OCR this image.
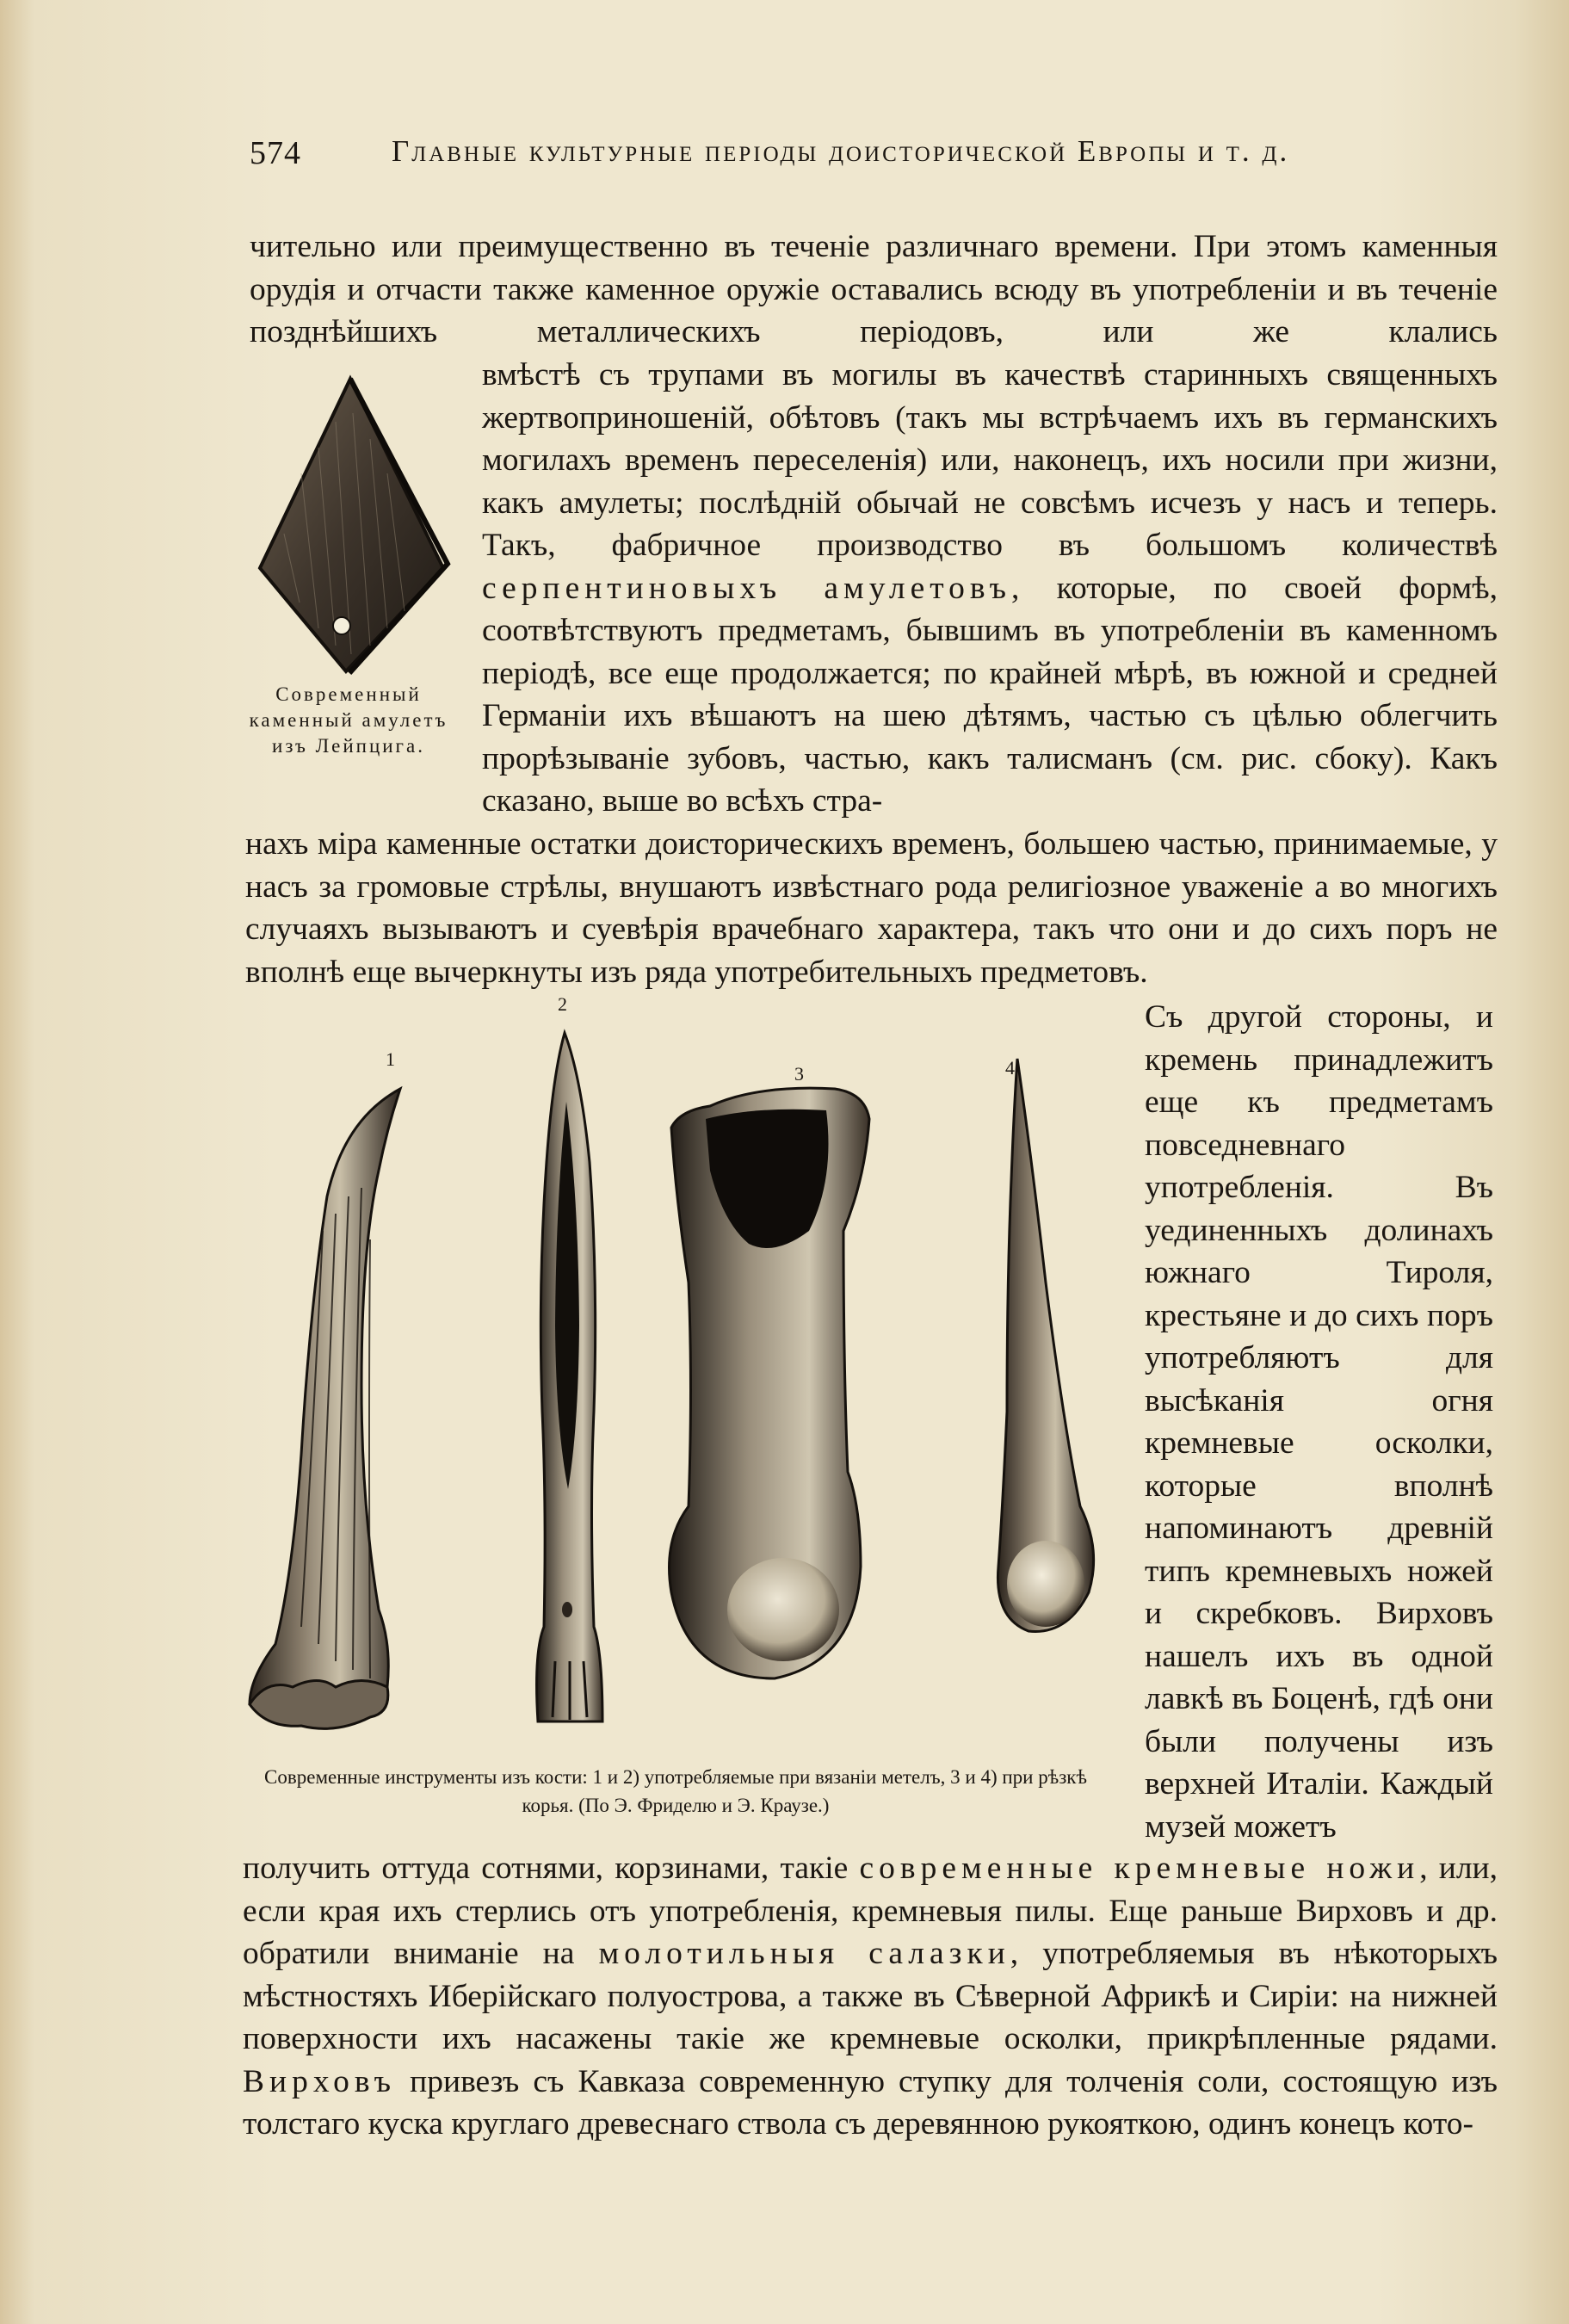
574	Главные культурные періоды доисторической Европы и т. д.

чительно или преимущественно въ теченіе различнаго времени. При этомъ каменныя орудія и отчасти также каменное оружіе оставались всюду въ употребленіи и въ теченіе позднѣйшихъ металлическихъ періодовъ, или же клались

Современный каменный амулетъ изъ Лейпцига.

вмѣстѣ съ трупами въ могилы въ качествѣ старинныхъ священныхъ жертвоприношеній, обѣтовъ (такъ мы встрѣчаемъ ихъ въ германскихъ могилахъ временъ переселенія) или, наконецъ, ихъ носили при жизни, какъ амулеты; послѣдній обычай не совсѣмъ исчезъ у насъ и теперь. Такъ, фабричное производство въ большомъ количествѣ серпентиновыхъ амулетовъ, которые, по своей формѣ, соотвѣтствуютъ предметамъ, бывшимъ въ употребленіи въ каменномъ періодѣ, все еще продолжается; по крайней мѣрѣ, въ южной и средней Германіи ихъ вѣшаютъ на шею дѣтямъ, частью съ цѣлью облегчить прорѣзываніе зубовъ, частью, какъ талисманъ (см. рис. сбоку). Какъ сказано, выше во всѣхъ стра-

нахъ міра каменные остатки доисторическихъ временъ, большею частью, принимаемые, у насъ за громовые стрѣлы, внушаютъ извѣстнаго рода религіозное уваженіе а во многихъ случаяхъ вызываютъ и суевѣрія врачебнаго характера, такъ что они и до сихъ поръ не вполнѣ еще вычеркнуты изъ ряда употребительныхъ предметовъ.

1
2
3	4
Современные инструменты изъ кости: 1 и 2) употребляемые при вязаніи метелъ, 3 и 4) при рѣзкѣ корья. (По Э. Фриделю и Э. Краузе.)

Съ другой стороны, и кремень принадлежитъ еще къ предметамъ повседневнаго употребленія. Въ уединенныхъ долинахъ южнаго Тироля, крестьяне и до сихъ поръ употребляютъ для высѣканія огня кремневые осколки, которые вполнѣ напоминаютъ древній типъ кремневыхъ ножей и скребковъ. Вирховъ нашелъ ихъ въ одной лавкѣ въ Боценѣ, гдѣ они были получены изъ верхней Италіи. Каждый музей можетъ

получить оттуда сотнями, корзинами, такіе современные кремневые ножи, или, если края ихъ стерлись отъ употребленія, кремневыя пилы. Еще раньше Вирховъ и др. обратили вниманіе на молотильныя салазки, употребляемыя въ нѣкоторыхъ мѣстностяхъ Иберійскаго полуострова, а также въ Сѣверной Африкѣ и Сиріи: на нижней поверхности ихъ насажены такіе же кремневые осколки, прикрѣпленные рядами. Вирховъ привезъ съ Кавказа современную ступку для толченія соли, состоящую изъ толстаго куска круглаго древеснаго ствола съ деревянною рукояткою, одинъ конецъ кото-
